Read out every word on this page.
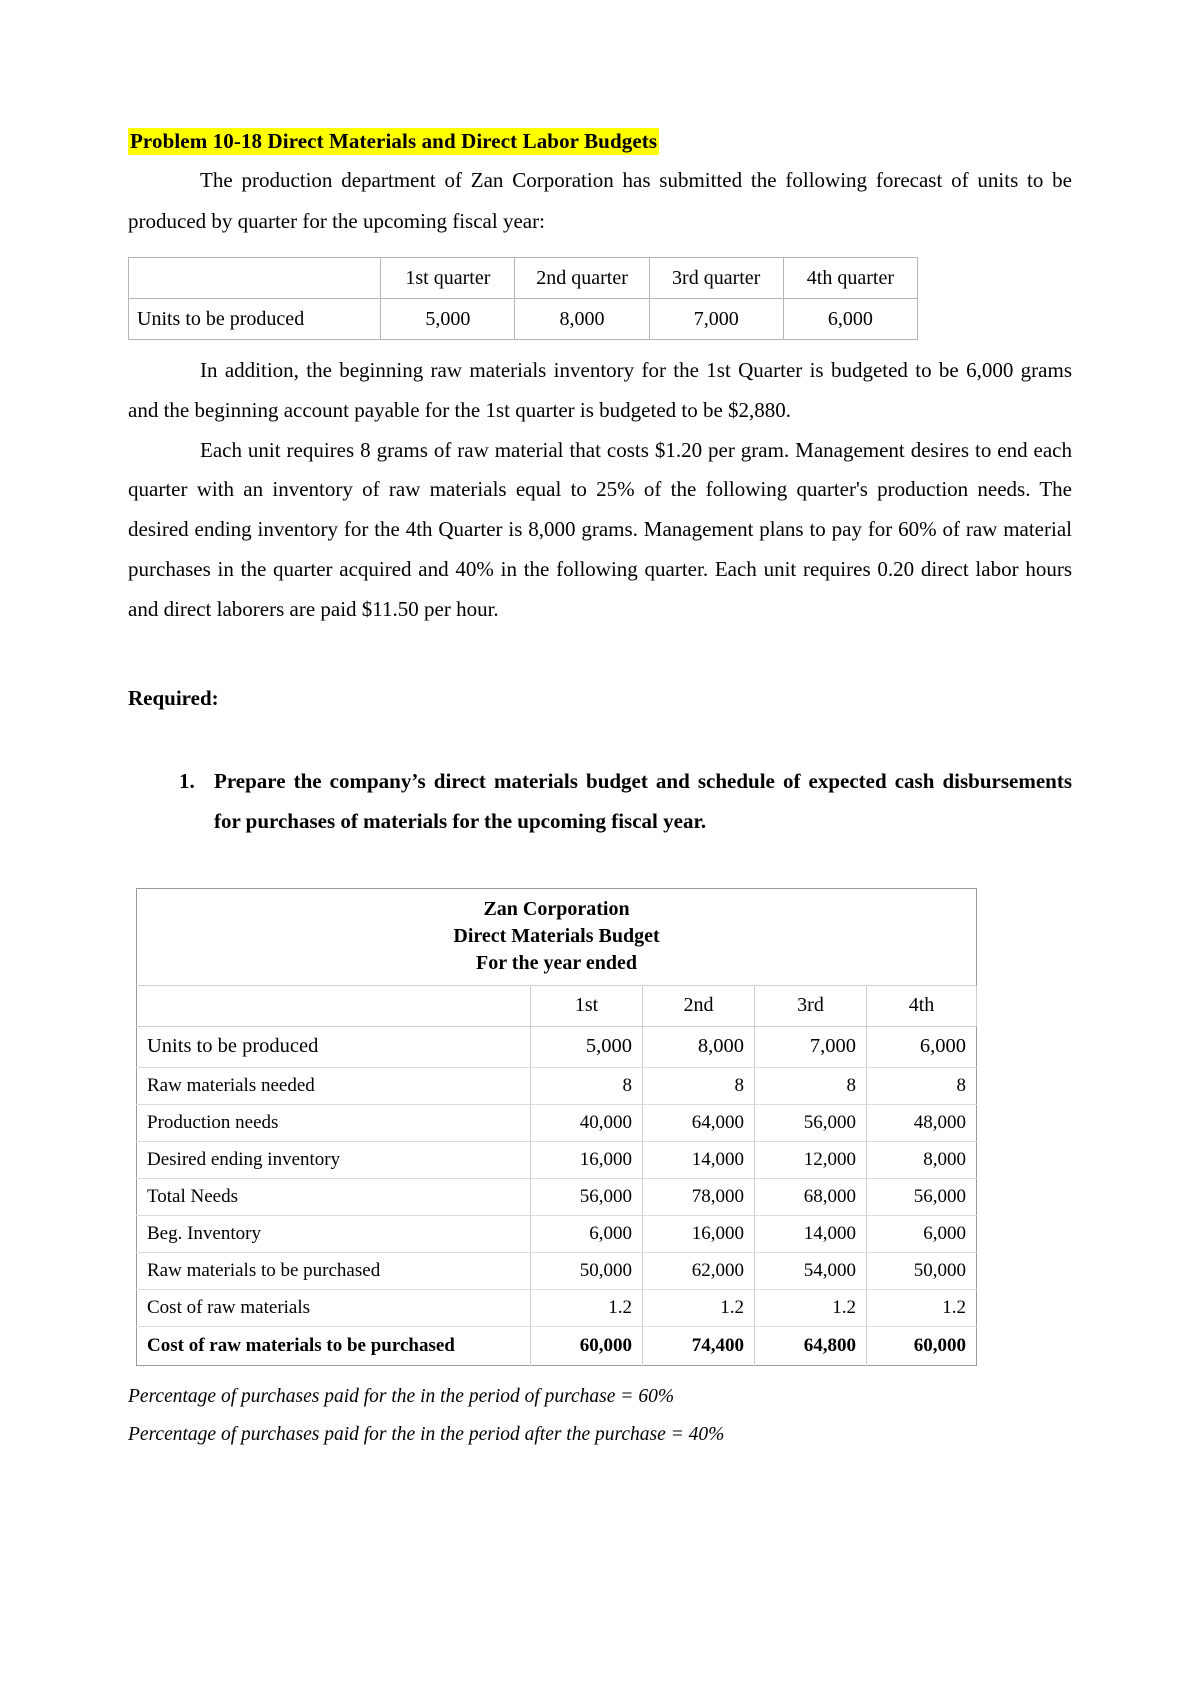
Problem 10-18 Direct Materials and Direct Labor Budgets

The production department of Zan Corporation has submitted the following forecast of units to be produced by quarter for the upcoming fiscal year:

	1st quarter	2nd quarter	3rd quarter	4th quarter
Units to be produced	5,000	8,000	7,000	6,000

In addition, the beginning raw materials inventory for the 1st Quarter is budgeted to be 6,000 grams and the beginning account payable for the 1st quarter is budgeted to be $2,880.

Each unit requires 8 grams of raw material that costs $1.20 per gram. Management desires to end each quarter with an inventory of raw materials equal to 25% of the following quarter's production needs. The desired ending inventory for the 4th Quarter is 8,000 grams. Management plans to pay for 60% of raw material purchases in the quarter acquired and 40% in the following quarter. Each unit requires 0.20 direct labor hours and direct laborers are paid $11.50 per hour.

Required:

1. Prepare the company’s direct materials budget and schedule of expected cash disbursements for purchases of materials for the upcoming fiscal year.
Zan Corporation
Direct Materials Budget
For the year ended				

	1st	2nd	3rd	4th
Units to be produced	5,000	8,000	7,000	6,000
Raw materials needed	8	8	8	8
Production needs	40,000	64,000	56,000	48,000
Desired ending inventory	16,000	14,000	12,000	8,000
Total Needs	56,000	78,000	68,000	56,000
Beg. Inventory	6,000	16,000	14,000	6,000
Raw materials to be purchased	50,000	62,000	54,000	50,000
Cost of raw materials	1.2	1.2	1.2	1.2
Cost of raw materials to be purchased	60,000	74,400	64,800	60,000

Percentage of purchases paid for the in the period of purchase = 60%

Percentage of purchases paid for the in the period after the purchase = 40%
